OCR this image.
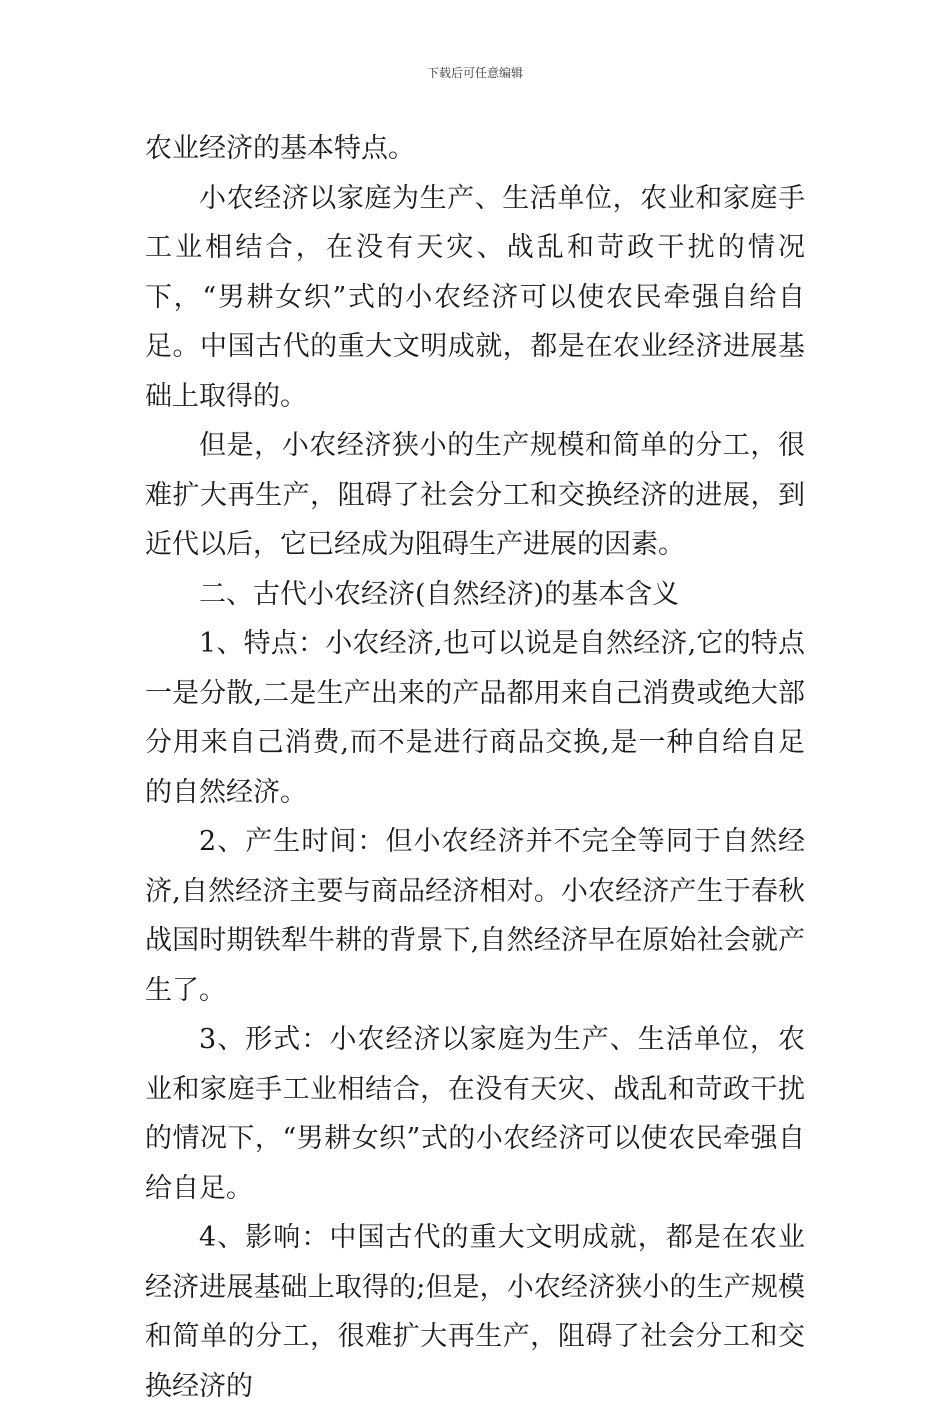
下载后可任意编辑

农业经济的基本特点。

小农经济以家庭为生产、生活单位，农业和家庭手工业相结合，在没有天灾、战乱和苛政干扰的情况下，“男耕女织”式的小农经济可以使农民牵强自给自足。中国古代的重大文明成就，都是在农业经济进展基础上取得的。

但是，小农经济狭小的生产规模和简单的分工，很难扩大再生产，阻碍了社会分工和交换经济的进展，到近代以后，它已经成为阻碍生产进展的因素。

二、古代小农经济(自然经济)的基本含义

1、特点：小农经济,也可以说是自然经济,它的特点一是分散,二是生产出来的产品都用来自己消费或绝大部分用来自己消费,而不是进行商品交换,是一种自给自足的自然经济。

2、产生时间：但小农经济并不完全等同于自然经济,自然经济主要与商品经济相对。小农经济产生于春秋战国时期铁犁牛耕的背景下,自然经济早在原始社会就产生了。

3、形式：小农经济以家庭为生产、生活单位，农业和家庭手工业相结合，在没有天灾、战乱和苛政干扰的情况下，“男耕女织”式的小农经济可以使农民牵强自给自足。

4、影响：中国古代的重大文明成就，都是在农业经济进展基础上取得的;但是，小农经济狭小的生产规模和简单的分工，很难扩大再生产，阻碍了社会分工和交换经济的
